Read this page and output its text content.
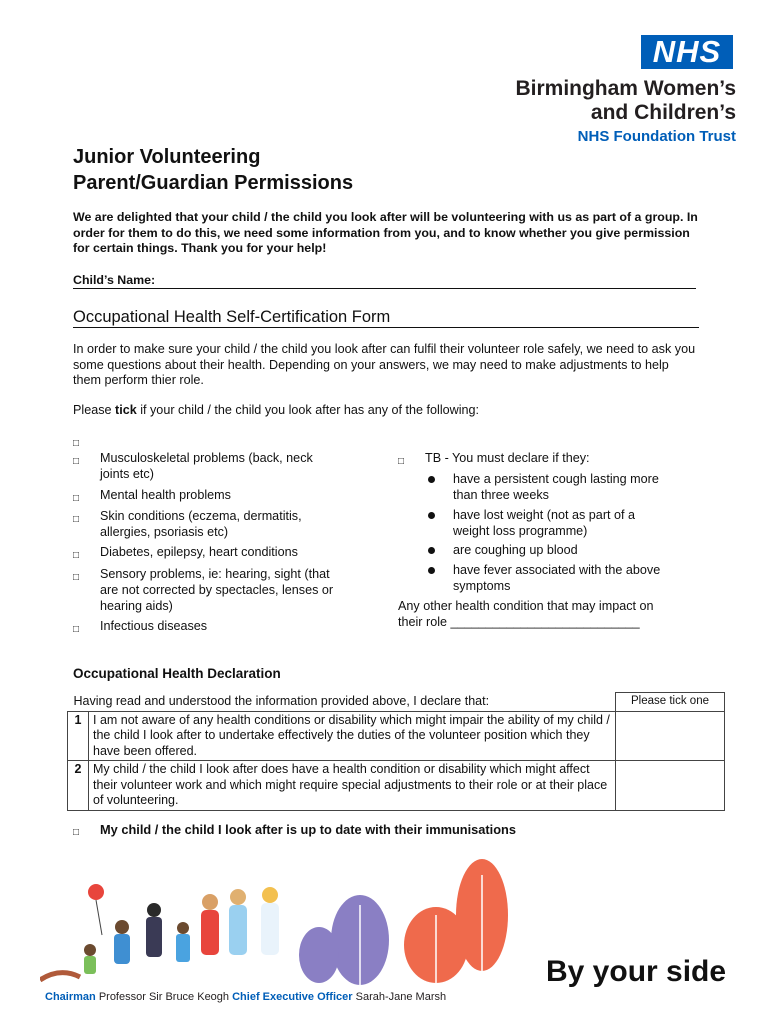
NHS
Birmingham Women’s
and Children’s
NHS Foundation Trust
Junior Volunteering
Parent/Guardian Permissions
We are delighted that your child / the child you look after will be volunteering with us as part of a group. In order for them to do this, we need some information from you, and to know whether you give permission for certain things. Thank you for your help!
Child’s Name:
Occupational Health Self-Certification Form
In order to make sure your child / the child you look after can fulfil their volunteer role safely, we need to ask you some questions about their health. Depending on your answers, we may need to make adjustments to help them perform thier role.
Please tick if your child / the child you look after has any of the following:
□
□ Musculoskeletal problems (back, neck
joints etc)
□ Mental health problems
□ Skin conditions (eczema, dermatitis,
allergies, psoriasis etc)
□ Diabetes, epilepsy, heart conditions
□ Sensory problems, ie: hearing, sight (that
are not corrected by spectacles, lenses or
hearing aids)
□ Infectious diseases
□ TB - You must declare if they:
have a persistent cough lasting more
than three weeks
have lost weight (not as part of a
weight loss programme)
are coughing up blood
have fever associated with the above
symptoms
Any other health condition that may impact on
their role ___________________________
Occupational Health Declaration
Having read and understood the information provided above, I declare that:		Please tick one
1	I am not aware of any health conditions or disability which might impair the ability of my child / the child I look after to undertake effectively the duties of the volunteer position which they have been offered.	
2	My child / the child I look after does have a health condition or disability which might affect their volunteer work and which might require special adjustments to their role or at their place of volunteering.	
□ My child / the child I look after is up to date with their immunisations
Chairman Professor Sir Bruce Keogh Chief Executive Officer Sarah-Jane Marsh
By your side
